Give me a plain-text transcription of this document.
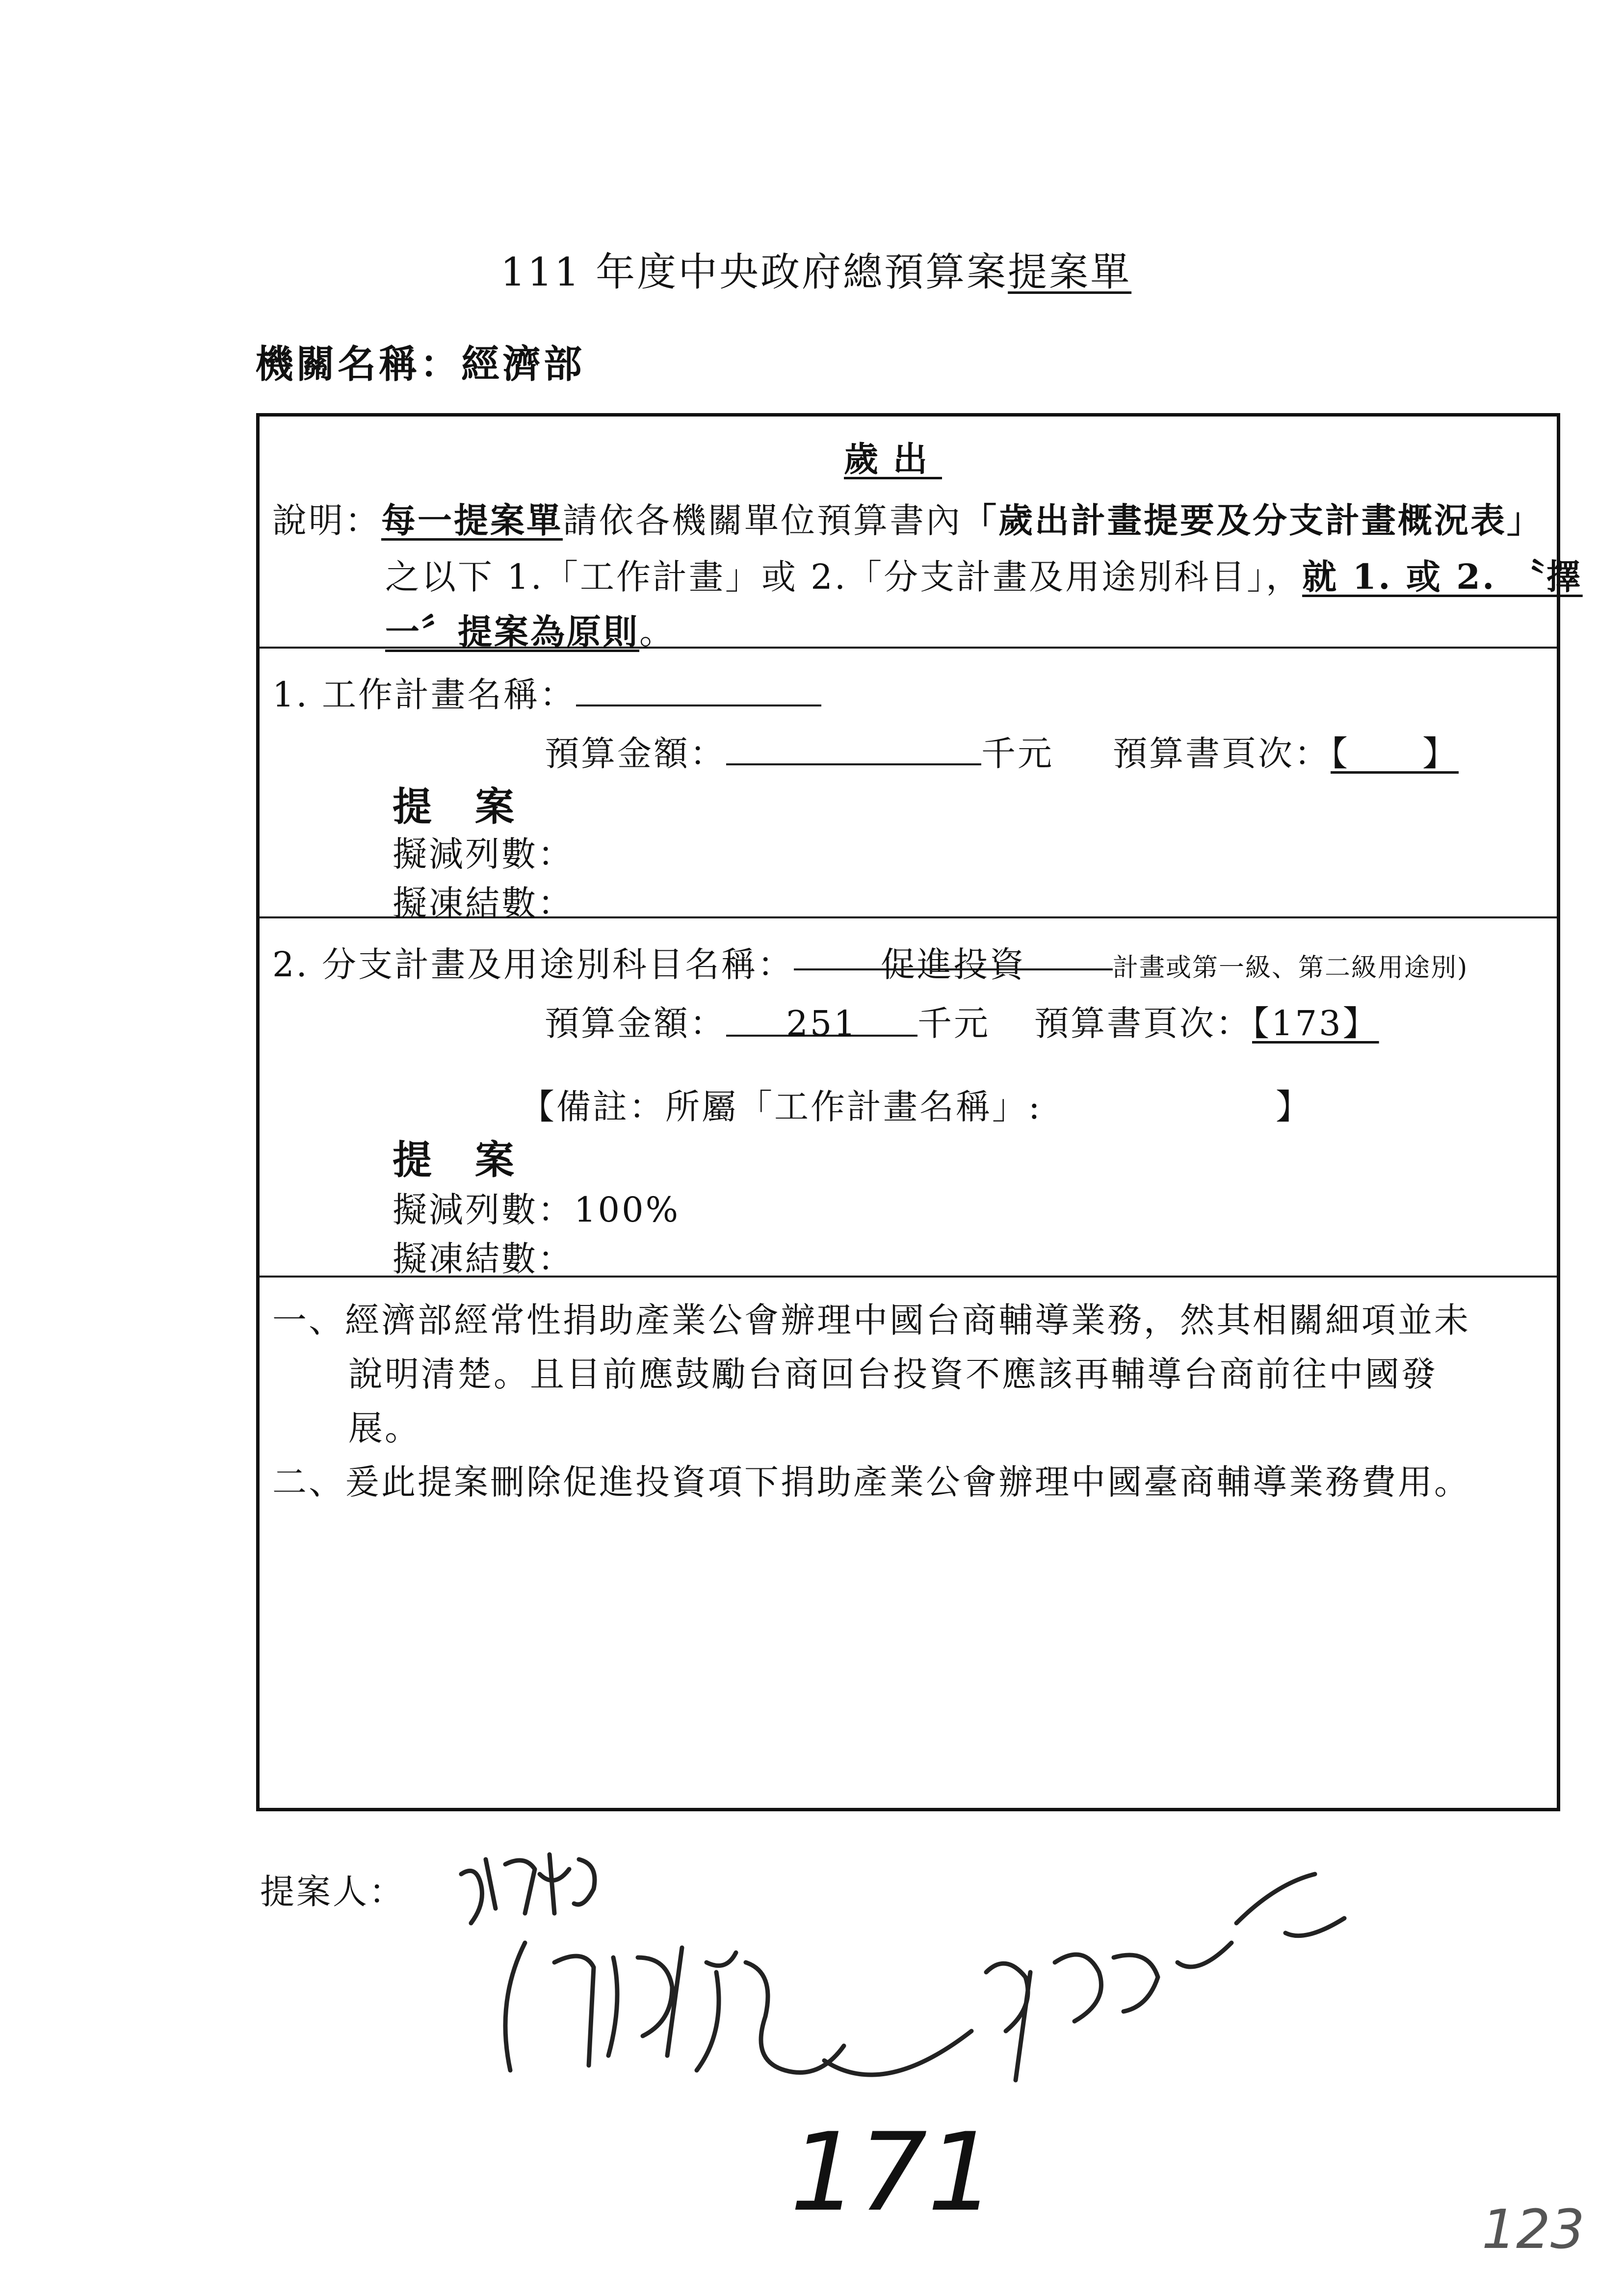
111 年度中央政府總預算案提案單
機關名稱：經濟部
歲出
說明：每一提案單請依各機關單位預算書內「歲出計畫提要及分支計畫概況表」
之以下 1.「工作計畫」或 2.「分支計畫及用途別科目」，就 1. 或 2. 〝擇
一〞提案為原則。
1. 工作計畫名稱：
預算金額：	千元 預算書頁次：【　　】
提　案
擬減列數：
擬凍結數：
2. 分支計畫及用途別科目名稱：	促進投資	計畫或第一級、第二級用途別)
預算金額： 251 千元 預算書頁次：【173】
【備註：所屬「工作計畫名稱」:	】
提　案
擬減列數：100%
擬凍結數：
一、經濟部經常性捐助產業公會辦理中國台商輔導業務，然其相關細項並未
說明清楚。且目前應鼓勵台商回台投資不應該再輔導台商前往中國發
展。
二、爰此提案刪除促進投資項下捐助產業公會辦理中國臺商輔導業務費用。
提案人：
171	123
